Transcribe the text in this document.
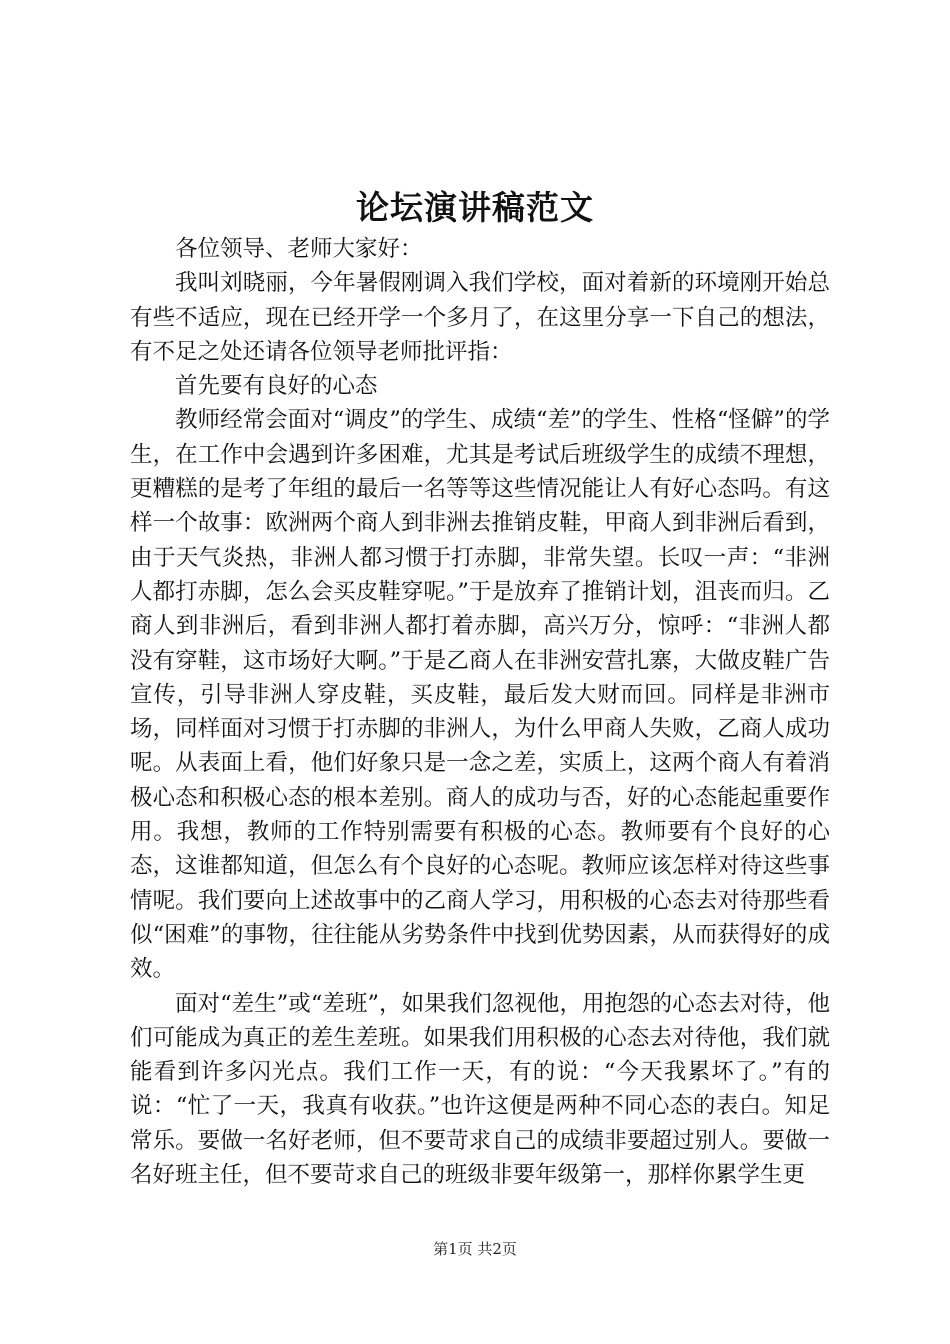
论坛演讲稿范文

各位领导、老师大家好：

我叫刘晓丽，今年暑假刚调入我们学校，面对着新的环境刚开始总有些不适应，现在已经开学一个多月了，在这里分享一下自己的想法，有不足之处还请各位领导老师批评指：

首先要有良好的心态

教师经常会面对“调皮”的学生、成绩“差”的学生、性格“怪僻”的学生，在工作中会遇到许多困难，尤其是考试后班级学生的成绩不理想，更糟糕的是考了年组的最后一名等等这些情况能让人有好心态吗。有这样一个故事：欧洲两个商人到非洲去推销皮鞋，甲商人到非洲后看到，由于天气炎热，非洲人都习惯于打赤脚，非常失望。长叹一声：“非洲人都打赤脚，怎么会买皮鞋穿呢。”于是放弃了推销计划，沮丧而归。乙商人到非洲后，看到非洲人都打着赤脚，高兴万分，惊呼：“非洲人都没有穿鞋，这市场好大啊。”于是乙商人在非洲安营扎寨，大做皮鞋广告宣传，引导非洲人穿皮鞋，买皮鞋，最后发大财而回。同样是非洲市场，同样面对习惯于打赤脚的非洲人，为什么甲商人失败，乙商人成功呢。从表面上看，他们好象只是一念之差，实质上，这两个商人有着消极心态和积极心态的根本差别。商人的成功与否，好的心态能起重要作用。我想，教师的工作特别需要有积极的心态。教师要有个良好的心态，这谁都知道，但怎么有个良好的心态呢。教师应该怎样对待这些事情呢。我们要向上述故事中的乙商人学习，用积极的心态去对待那些看似“困难”的事物，往往能从劣势条件中找到优势因素，从而获得好的成效。

面对“差生”或“差班”，如果我们忽视他，用抱怨的心态去对待，他们可能成为真正的差生差班。如果我们用积极的心态去对待他，我们就能看到许多闪光点。我们工作一天，有的说：“今天我累坏了。”有的说：“忙了一天，我真有收获。”也许这便是两种不同心态的表白。知足常乐。要做一名好老师，但不要苛求自己的成绩非要超过别人。要做一名好班主任，但不要苛求自己的班级非要年级第一，那样你累学生更

第1页 共2页
